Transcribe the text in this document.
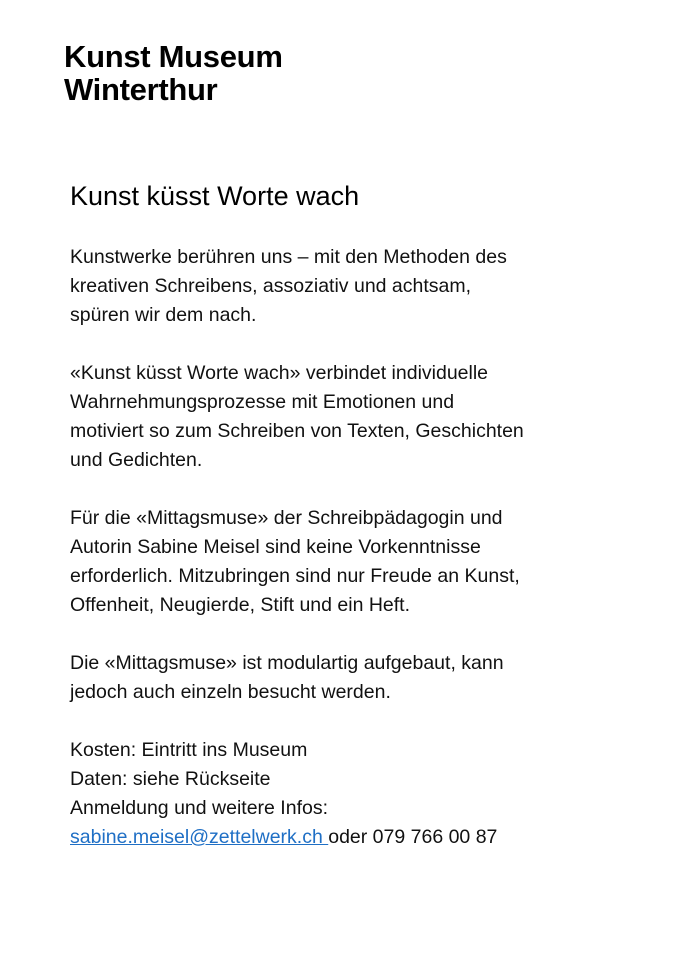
Kunst Museum
Winterthur
Kunst küsst Worte wach

Kunstwerke berühren uns – mit den Methoden des
kreativen Schreibens, assoziativ und achtsam,
spüren wir dem nach.

«Kunst küsst Worte wach» verbindet individuelle
Wahrnehmungsprozesse mit Emotionen und
motiviert so zum Schreiben von Texten, Geschichten
und Gedichten.

Für die «Mittagsmuse» der Schreibpädagogin und
Autorin Sabine Meisel sind keine Vorkenntnisse
erforderlich. Mitzubringen sind nur Freude an Kunst,
Offenheit, Neugierde, Stift und ein Heft.

Die «Mittagsmuse» ist modulartig aufgebaut, kann
jedoch auch einzeln besucht werden.

Kosten: Eintritt ins Museum
Daten: siehe Rückseite
Anmeldung und weitere Infos:
sabine.meisel@zettelwerk.ch oder 079 766 00 87
